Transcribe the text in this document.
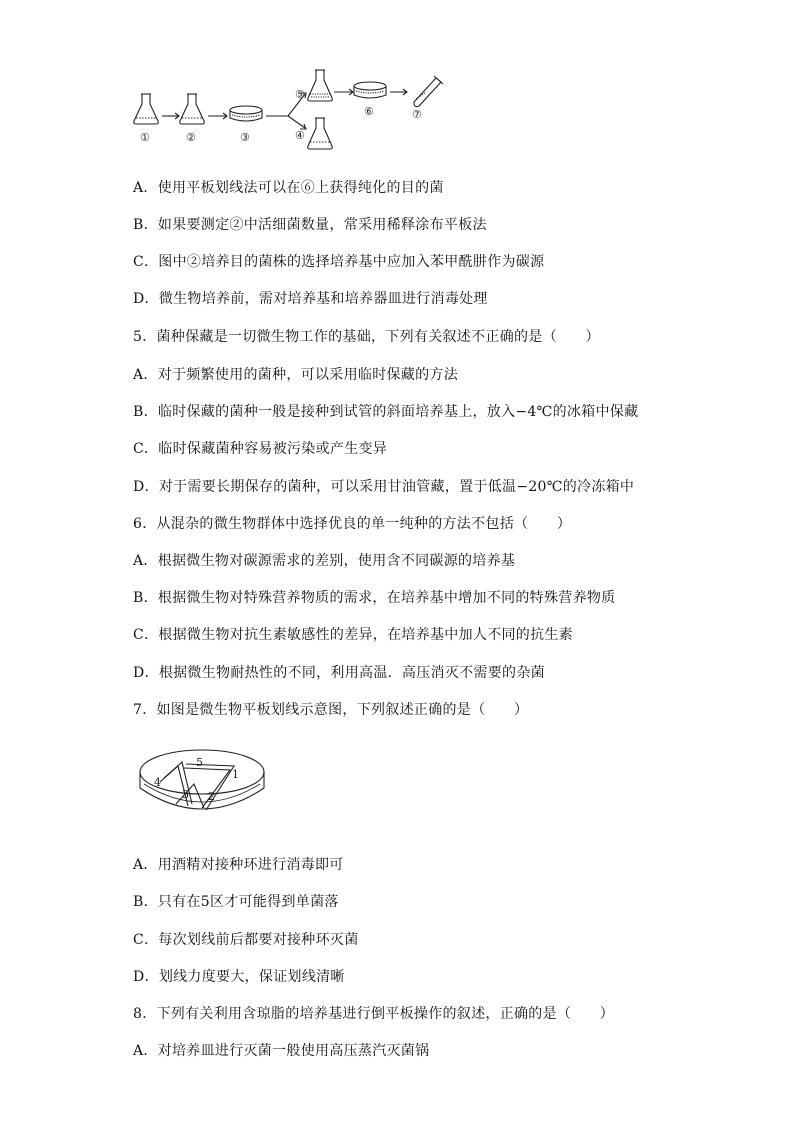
①	②	③
⑤
④
⑥	⑦
A．使用平板划线法可以在⑥上获得纯化的目的菌
B．如果要测定②中活细菌数量，常采用稀释涂布平板法
C．图中②培养目的菌株的选择培养基中应加入苯甲酰肼作为碳源
D．微生物培养前，需对培养基和培养器皿进行消毒处理
5．菌种保藏是一切微生物工作的基础，下列有关叙述不正确的是（　　）
A．对于频繁使用的菌种，可以采用临时保藏的方法
B．临时保藏的菌种一般是接种到试管的斜面培养基上，放入−4℃的冰箱中保藏
C．临时保藏菌种容易被污染或产生变异
D．对于需要长期保存的菌种，可以采用甘油管藏，置于低温−20℃的冷冻箱中
6．从混杂的微生物群体中选择优良的单一纯种的方法不包括（　　）
A．根据微生物对碳源需求的差别，使用含不同碳源的培养基
B．根据微生物对特殊营养物质的需求，在培养基中增加不同的特殊营养物质
C．根据微生物对抗生素敏感性的差异，在培养基中加人不同的抗生素
D．根据微生物耐热性的不同，利用高温．高压消灭不需要的杂菌
7．如图是微生物平板划线示意图，下列叙述正确的是（　　）
5
1
4
3 2
A．用酒精对接种环进行消毒即可
B．只有在5区才可能得到单菌落
C．每次划线前后都要对接种环灭菌
D．划线力度要大，保证划线清晰
8．下列有关利用含琼脂的培养基进行倒平板操作的叙述，正确的是（　　）
A．对培养皿进行灭菌一般使用高压蒸汽灭菌锅
